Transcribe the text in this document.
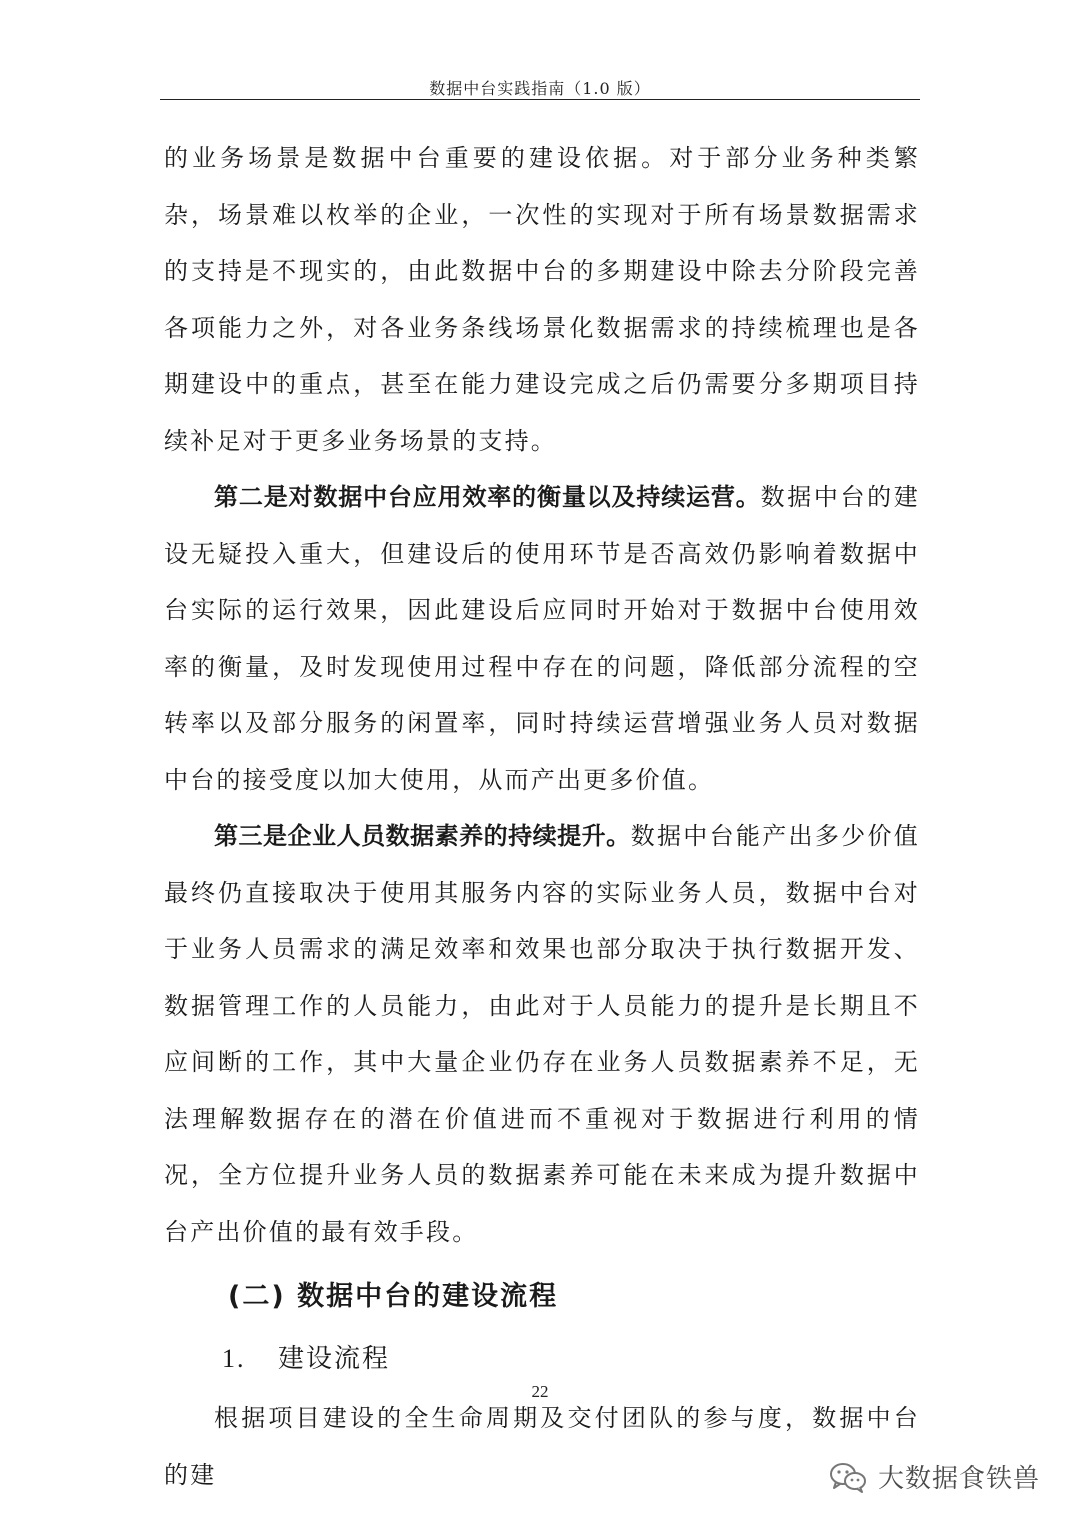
数据中台实践指南（1.0 版）

的业务场景是数据中台重要的建设依据。对于部分业务种类繁杂，场景难以枚举的企业，一次性的实现对于所有场景数据需求的支持是不现实的，由此数据中台的多期建设中除去分阶段完善各项能力之外，对各业务条线场景化数据需求的持续梳理也是各期建设中的重点，甚至在能力建设完成之后仍需要分多期项目持续补足对于更多业务场景的支持。

第二是对数据中台应用效率的衡量以及持续运营。数据中台的建设无疑投入重大，但建设后的使用环节是否高效仍影响着数据中台实际的运行效果，因此建设后应同时开始对于数据中台使用效率的衡量，及时发现使用过程中存在的问题，降低部分流程的空转率以及部分服务的闲置率，同时持续运营增强业务人员对数据中台的接受度以加大使用，从而产出更多价值。

第三是企业人员数据素养的持续提升。数据中台能产出多少价值最终仍直接取决于使用其服务内容的实际业务人员，数据中台对于业务人员需求的满足效率和效果也部分取决于执行数据开发、数据管理工作的人员能力，由此对于人员能力的提升是长期且不应间断的工作，其中大量企业仍存在业务人员数据素养不足，无法理解数据存在的潜在价值进而不重视对于数据进行利用的情况，全方位提升业务人员的数据素养可能在未来成为提升数据中台产出价值的最有效手段。

(二) 数据中台的建设流程
1. 建设流程

根据项目建设的全生命周期及交付团队的参与度，数据中台的建

22
大数据食铁兽
